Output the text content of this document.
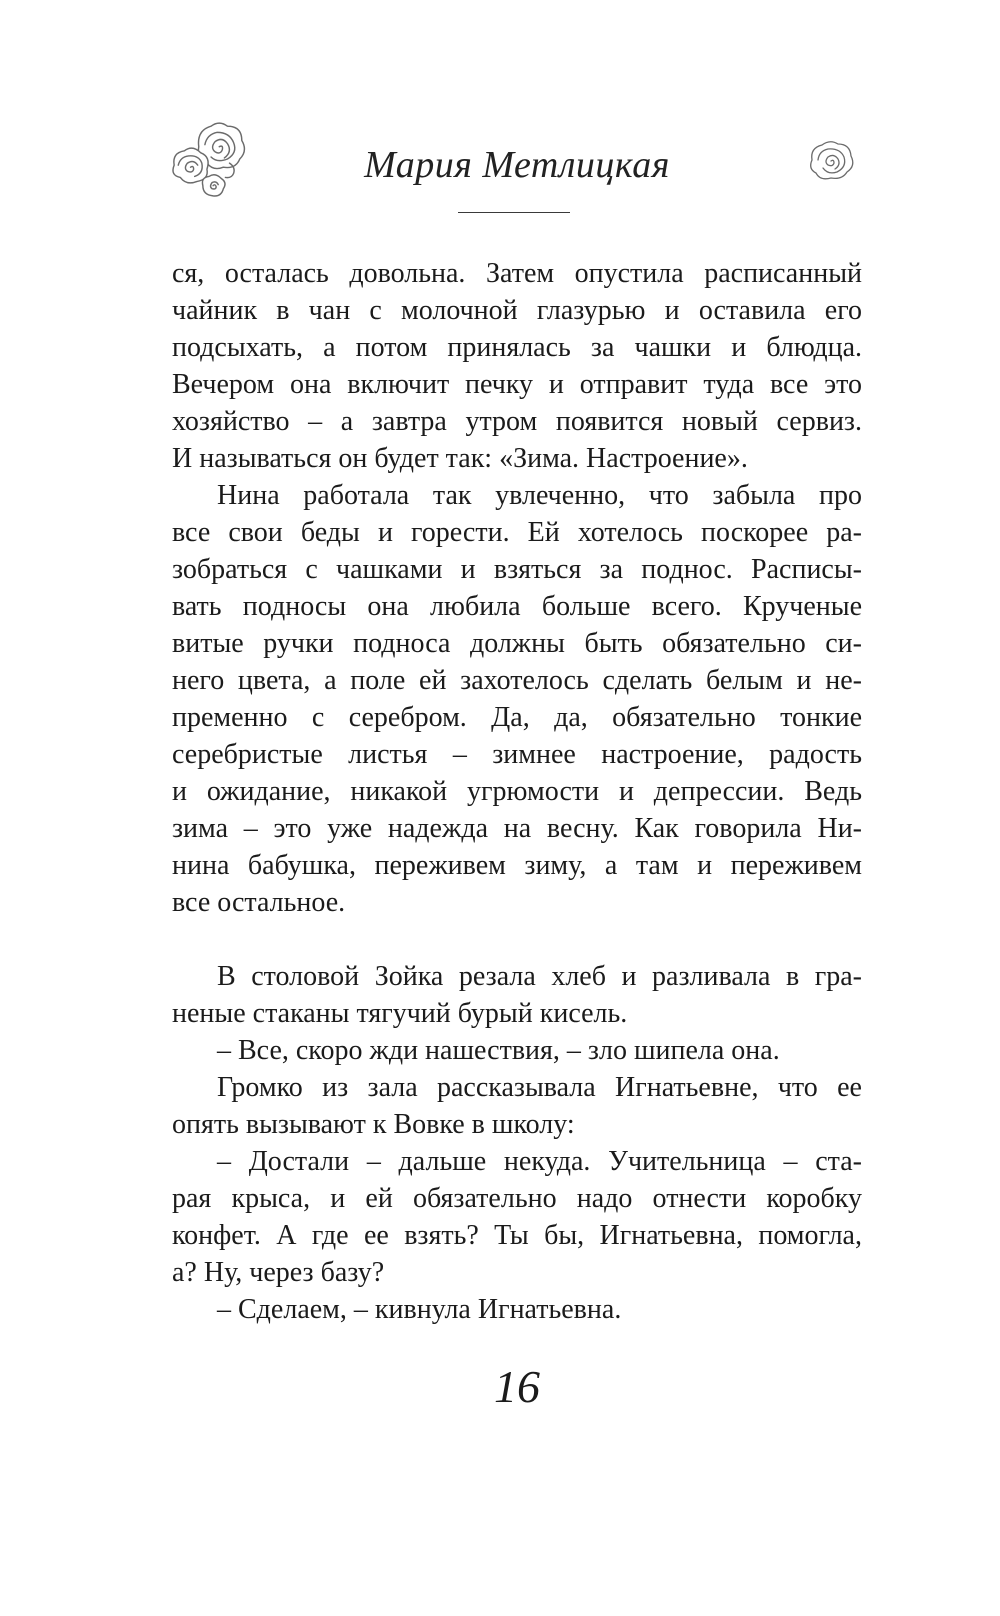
Мария Метлицкая
ся, осталась довольна. Затем опустила расписанный
чайник в чан с молочной глазурью и оставила его
подсыхать, а потом принялась за чашки и блюдца.
Вечером она включит печку и отправит туда все это
хозяйство – а завтра утром появится новый сервиз.
И называться он будет так: «Зима. Настроение».
Нина работала так увлеченно, что забыла про
все свои беды и горести. Ей хотелось поскорее ра-
зобраться с чашками и взяться за поднос. Расписы-
вать подносы она любила больше всего. Крученые
витые ручки подноса должны быть обязательно си-
него цвета, а поле ей захотелось сделать белым и не-
пременно с серебром. Да, да, обязательно тонкие
серебристые листья – зимнее настроение, радость
и ожидание, никакой угрюмости и депрессии. Ведь
зима – это уже надежда на весну. Как говорила Ни-
нина бабушка, переживем зиму, а там и переживем
все остальное.
В столовой Зойка резала хлеб и разливала в гра-
неные стаканы тягучий бурый кисель.
– Все, скоро жди нашествия, – зло шипела она.
Громко из зала рассказывала Игнатьевне, что ее
опять вызывают к Вовке в школу:
– Достали – дальше некуда. Учительница – ста-
рая крыса, и ей обязательно надо отнести коробку
конфет. А где ее взять? Ты бы, Игнатьевна, помогла,
а? Ну, через базу?
– Сделаем, – кивнула Игнатьевна.
16
